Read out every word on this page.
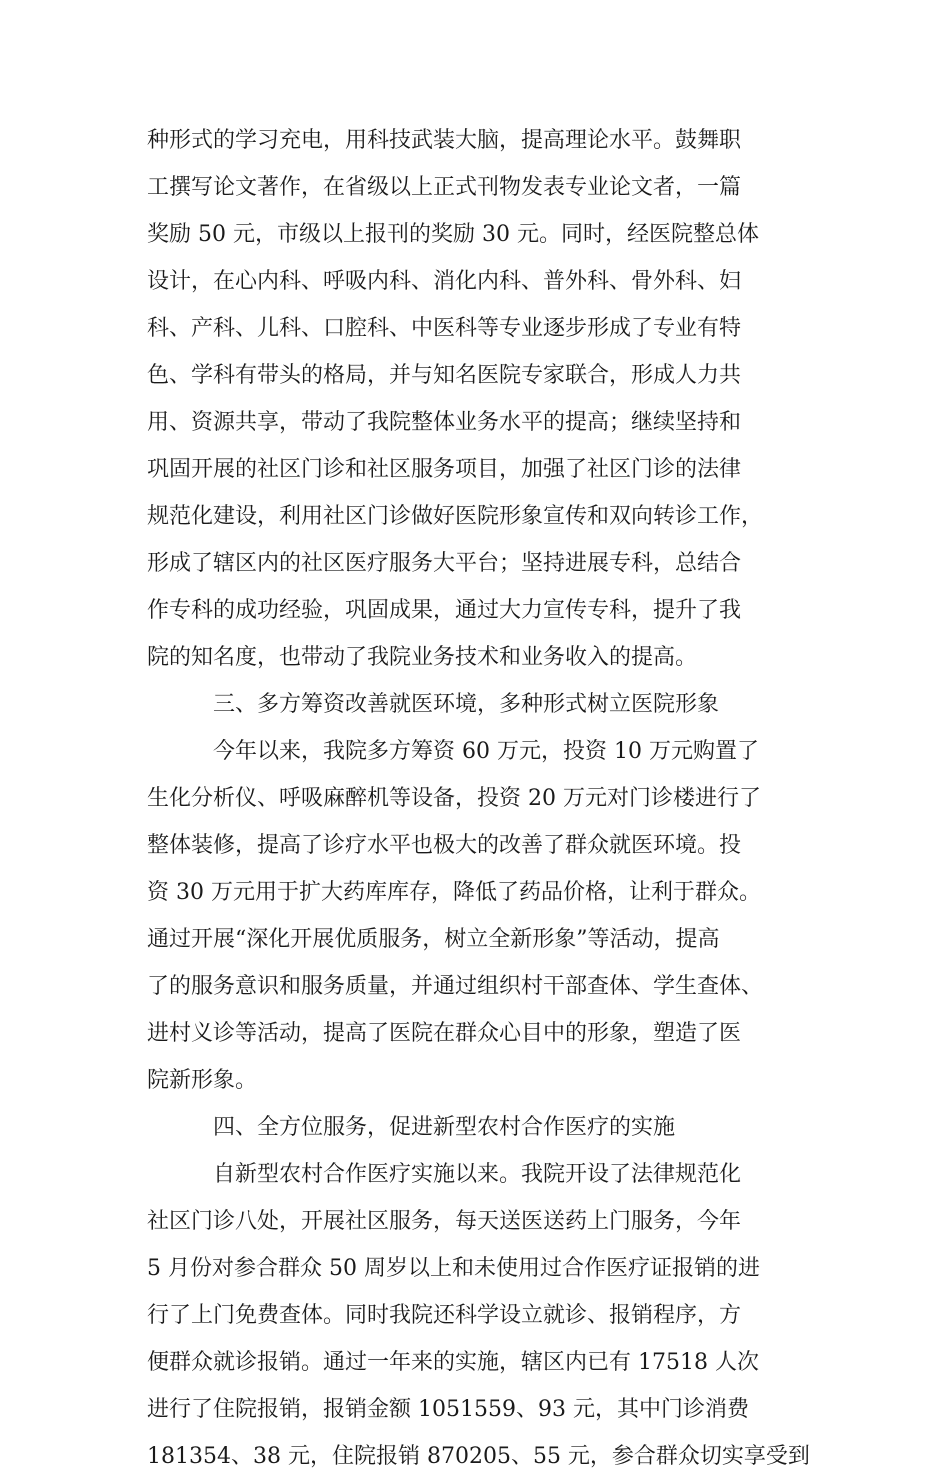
种形式的学习充电，用科技武装大脑，提高理论水平。鼓舞职
工撰写论文著作，在省级以上正式刊物发表专业论文者，一篇
奖励 50 元，市级以上报刊的奖励 30 元。同时，经医院整总体
设计，在心内科、呼吸内科、消化内科、普外科、骨外科、妇
科、产科、儿科、口腔科、中医科等专业逐步形成了专业有特
色、学科有带头的格局，并与知名医院专家联合，形成人力共
用、资源共享，带动了我院整体业务水平的提高；继续坚持和
巩固开展的社区门诊和社区服务项目，加强了社区门诊的法律
规范化建设，利用社区门诊做好医院形象宣传和双向转诊工作，
形成了辖区内的社区医疗服务大平台；坚持进展专科，总结合
作专科的成功经验，巩固成果，通过大力宣传专科，提升了我
院的知名度，也带动了我院业务技术和业务收入的提高。
三、多方筹资改善就医环境，多种形式树立医院形象
今年以来，我院多方筹资 60 万元，投资 10 万元购置了
生化分析仪、呼吸麻醉机等设备，投资 20 万元对门诊楼进行了
整体装修，提高了诊疗水平也极大的改善了群众就医环境。投
资 30 万元用于扩大药库库存，降低了药品价格，让利于群众。
通过开展“深化开展优质服务，树立全新形象”等活动，提高
了的服务意识和服务质量，并通过组织村干部查体、学生查体、
进村义诊等活动，提高了医院在群众心目中的形象，塑造了医
院新形象。
四、全方位服务，促进新型农村合作医疗的实施
自新型农村合作医疗实施以来。我院开设了法律规范化
社区门诊八处，开展社区服务，每天送医送药上门服务，今年
5 月份对参合群众 50 周岁以上和未使用过合作医疗证报销的进
行了上门免费查体。同时我院还科学设立就诊、报销程序，方
便群众就诊报销。通过一年来的实施，辖区内已有 17518 人次
进行了住院报销，报销金额 1051559、93 元，其中门诊消费
181354、38 元，住院报销 870205、55 元，参合群众切实享受到
